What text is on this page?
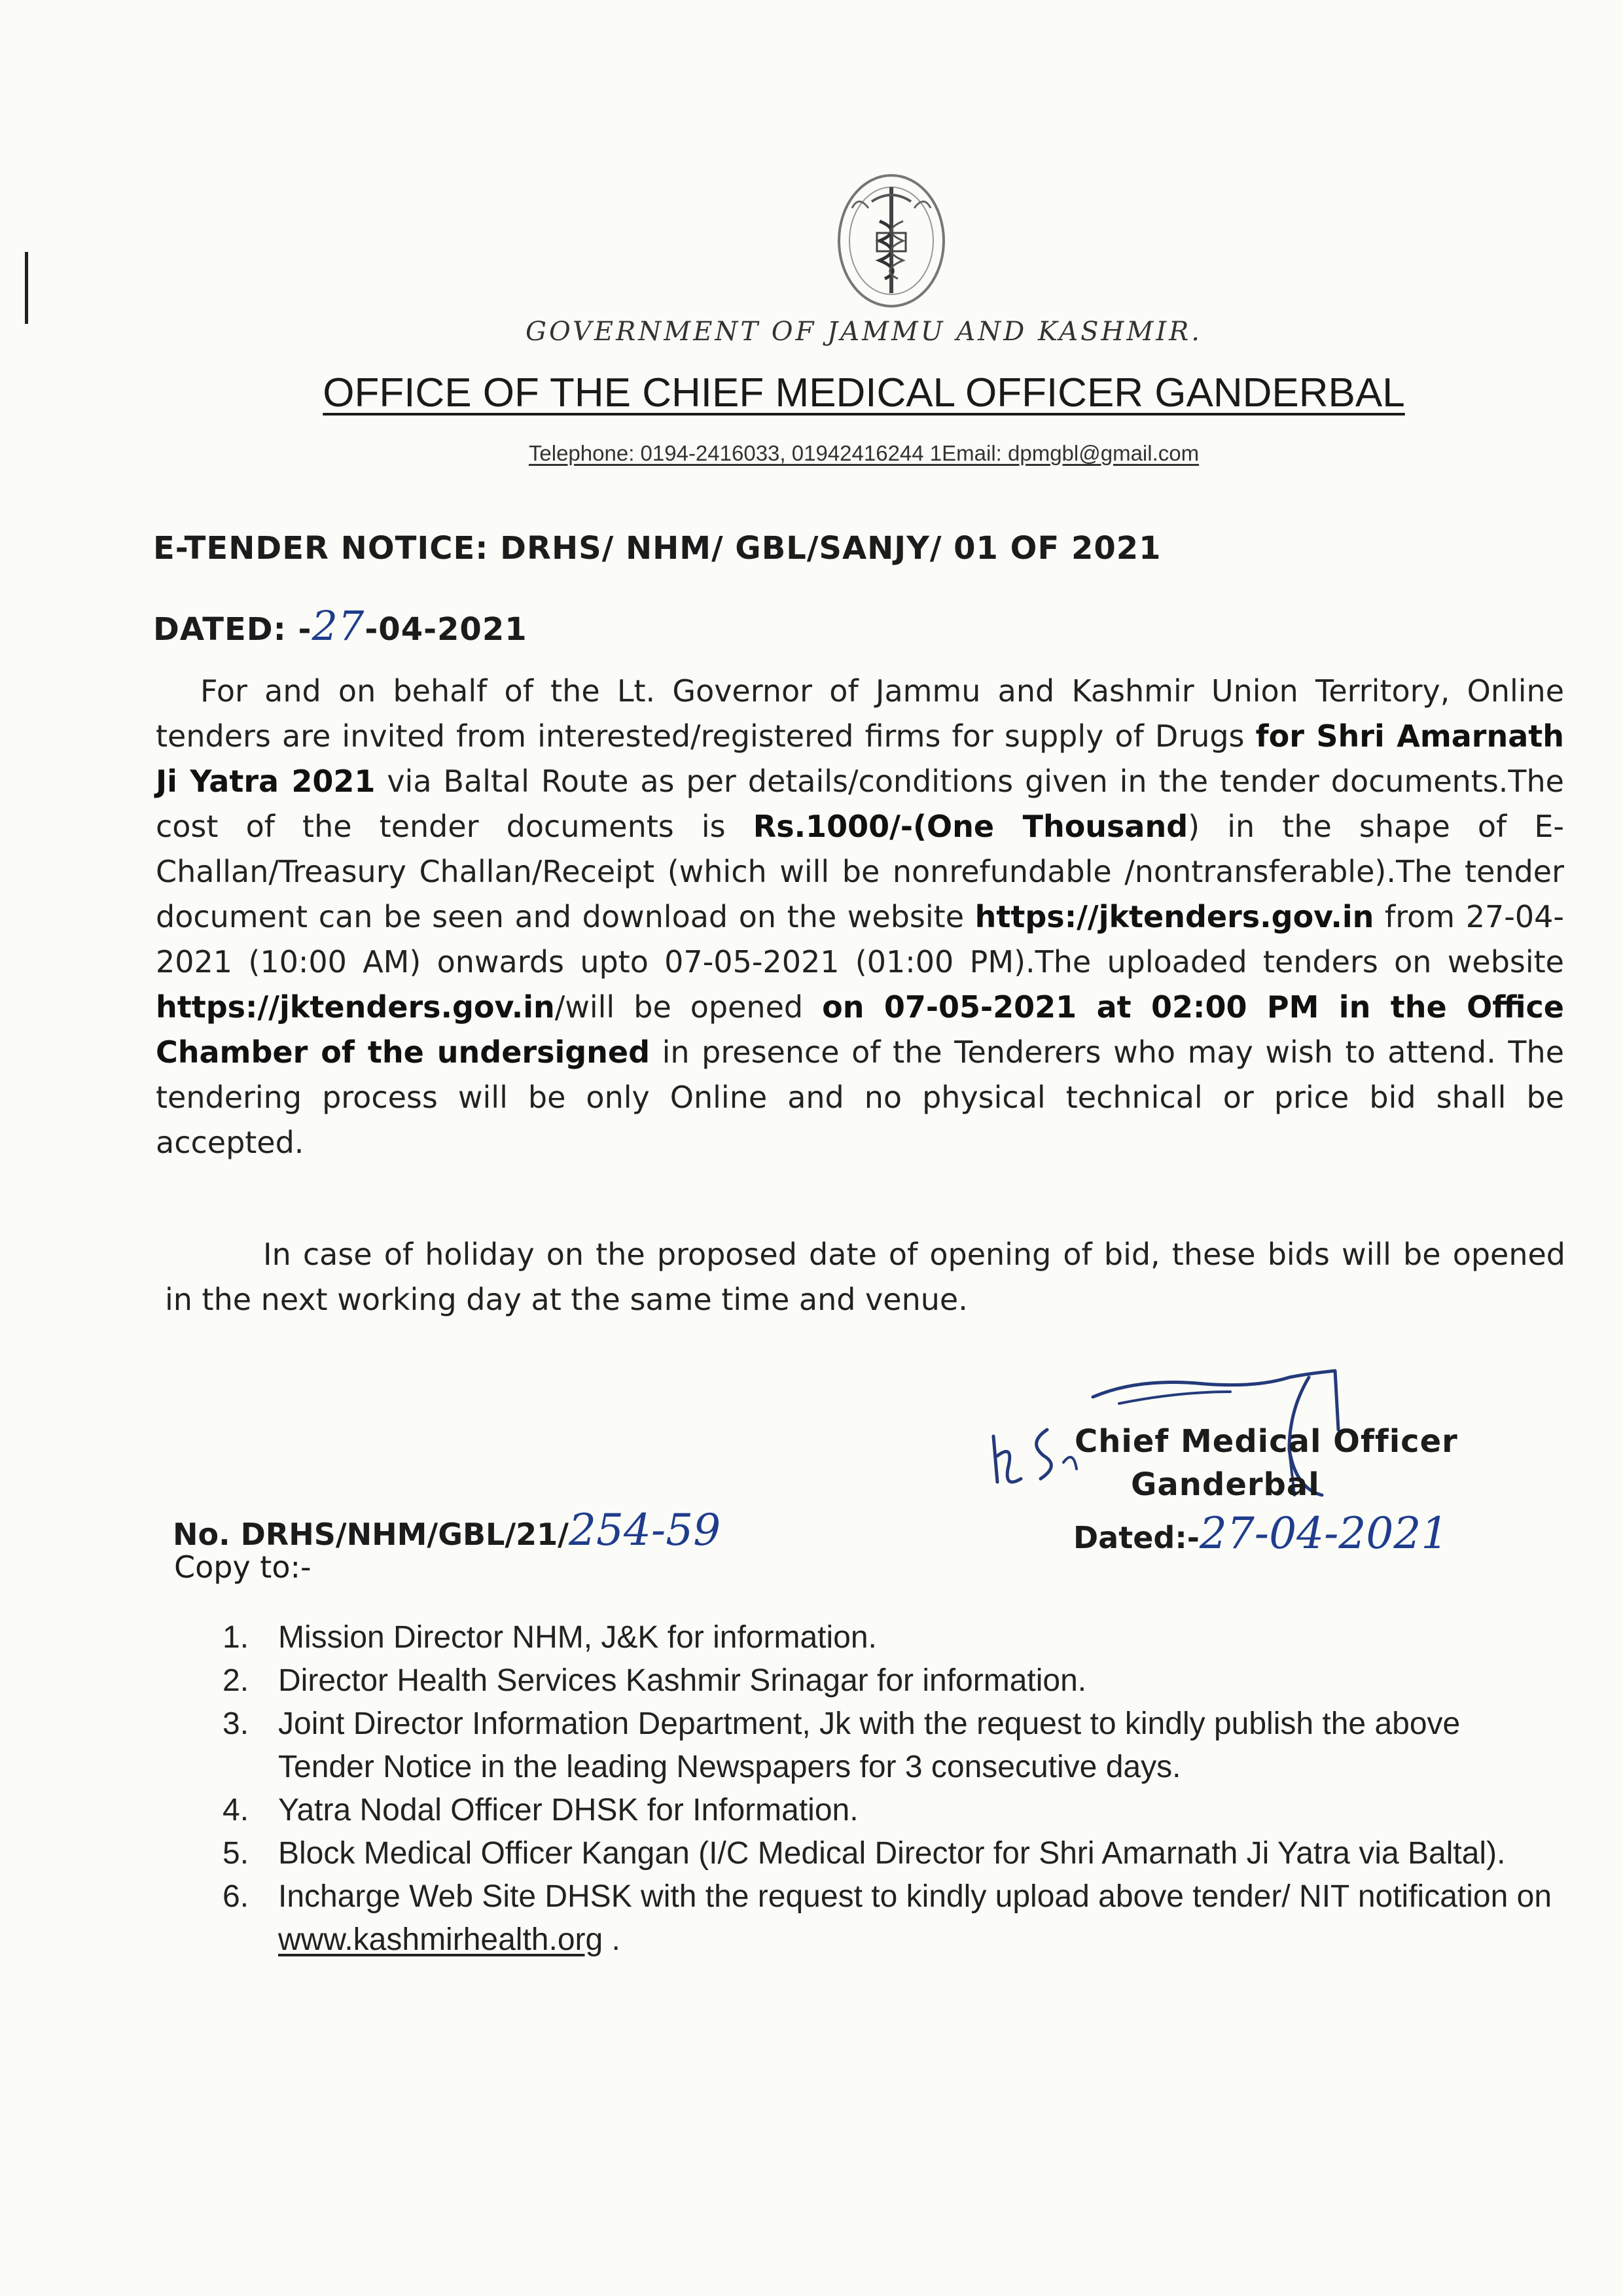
GOVERNMENT OF JAMMU AND KASHMIR.
OFFICE OF THE CHIEF MEDICAL OFFICER GANDERBAL
Telephone: 0194-2416033, 01942416244 1Email: dpmgbl@gmail.com
E-TENDER NOTICE: DRHS/ NHM/ GBL/SANJY/ 01 OF 2021
DATED: -27-04-2021
For and on behalf of the Lt. Governor of Jammu and Kashmir Union Territory, Online tenders are invited from interested/registered firms for supply of Drugs for Shri Amarnath Ji Yatra 2021 via Baltal Route as per details/conditions given in the tender documents.The cost of the tender documents is Rs.1000/-(One Thousand) in the shape of E-Challan/Treasury Challan/Receipt (which will be nonrefundable /nontransferable).The tender document can be seen and download on the website https://jktenders.gov.in from 27-04-2021 (10:00 AM) onwards upto 07-05-2021 (01:00 PM).The uploaded tenders on website https://jktenders.gov.in/will be opened on 07-05-2021 at 02:00 PM in the Office Chamber of the undersigned in presence of the Tenderers who may wish to attend. The tendering process will be only Online and no physical technical or price bid shall be accepted.
In case of holiday on the proposed date of opening of bid, these bids will be opened in the next working day at the same time and venue.
Chief Medical Officer
Ganderbal
Dated:-27-04-2021
No. DRHS/NHM/GBL/21/254-59
Copy to:-
1. Mission Director NHM, J&K for information.
2. Director Health Services Kashmir Srinagar for information.
3. Joint Director Information Department, Jk with the request to kindly publish the above Tender Notice in the leading Newspapers for 3 consecutive days.
4. Yatra Nodal Officer DHSK for Information.
5. Block Medical Officer Kangan (I/C Medical Director for Shri Amarnath Ji Yatra via Baltal).
6. Incharge Web Site DHSK with the request to kindly upload above tender/ NIT notification on www.kashmirhealth.org .
